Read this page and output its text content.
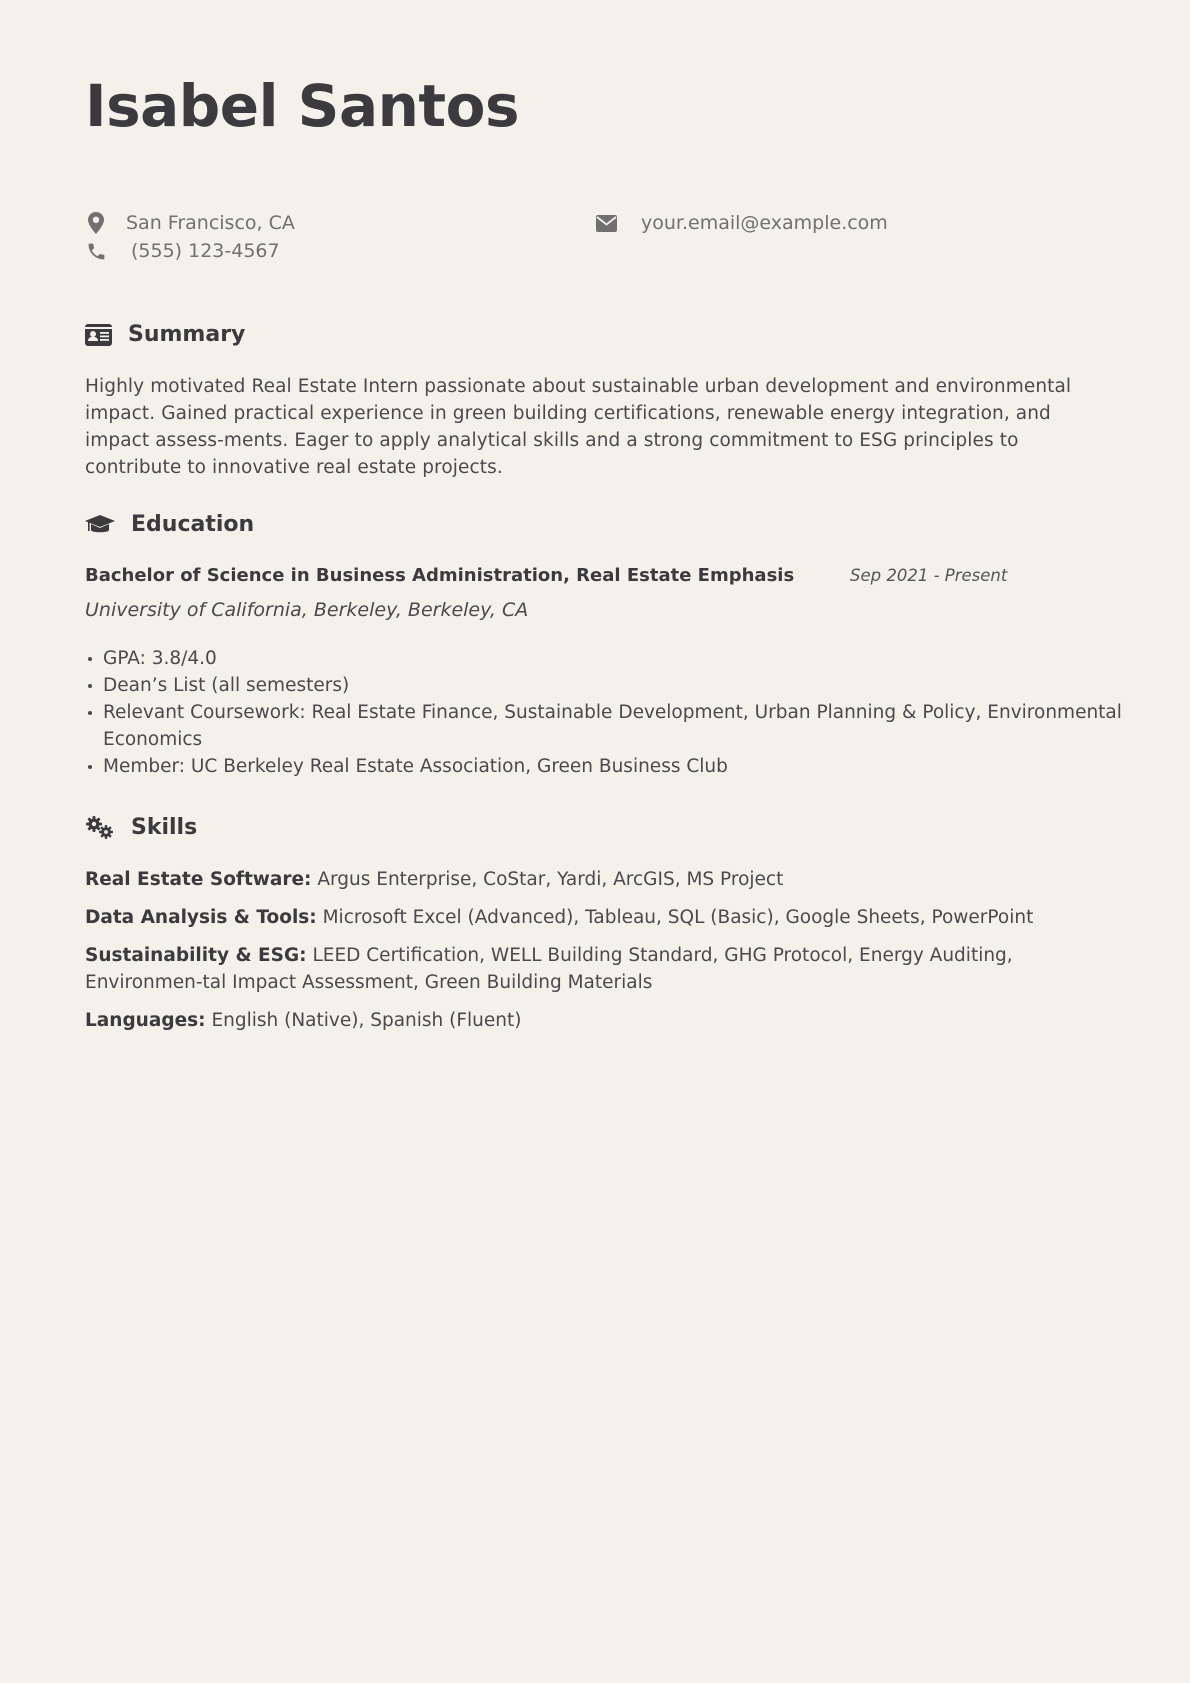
Isabel Santos
San Francisco, CA
(555) 123-4567
your.email@example.com
Summary
Highly motivated Real Estate Intern passionate about sustainable urban development and environmental impact. Gained practical experience in green building certifications, renewable energy integration, and impact assess-ments. Eager to apply analytical skills and a strong commitment to ESG principles to contribute to innovative real estate projects.
Education
Bachelor of Science in Business Administration, Real Estate Emphasis	Sep 2021 - Present
University of California, Berkeley, Berkeley, CA
GPA: 3.8/4.0
Dean’s List (all semesters)
Relevant Coursework: Real Estate Finance, Sustainable Development, Urban Planning & Policy, Environmental Economics
Member: UC Berkeley Real Estate Association, Green Business Club
Skills
Real Estate Software: Argus Enterprise, CoStar, Yardi, ArcGIS, MS Project
Data Analysis & Tools: Microsoft Excel (Advanced), Tableau, SQL (Basic), Google Sheets, PowerPoint
Sustainability & ESG: LEED Certification, WELL Building Standard, GHG Protocol, Energy Auditing, Environmen-tal Impact Assessment, Green Building Materials
Languages: English (Native), Spanish (Fluent)
